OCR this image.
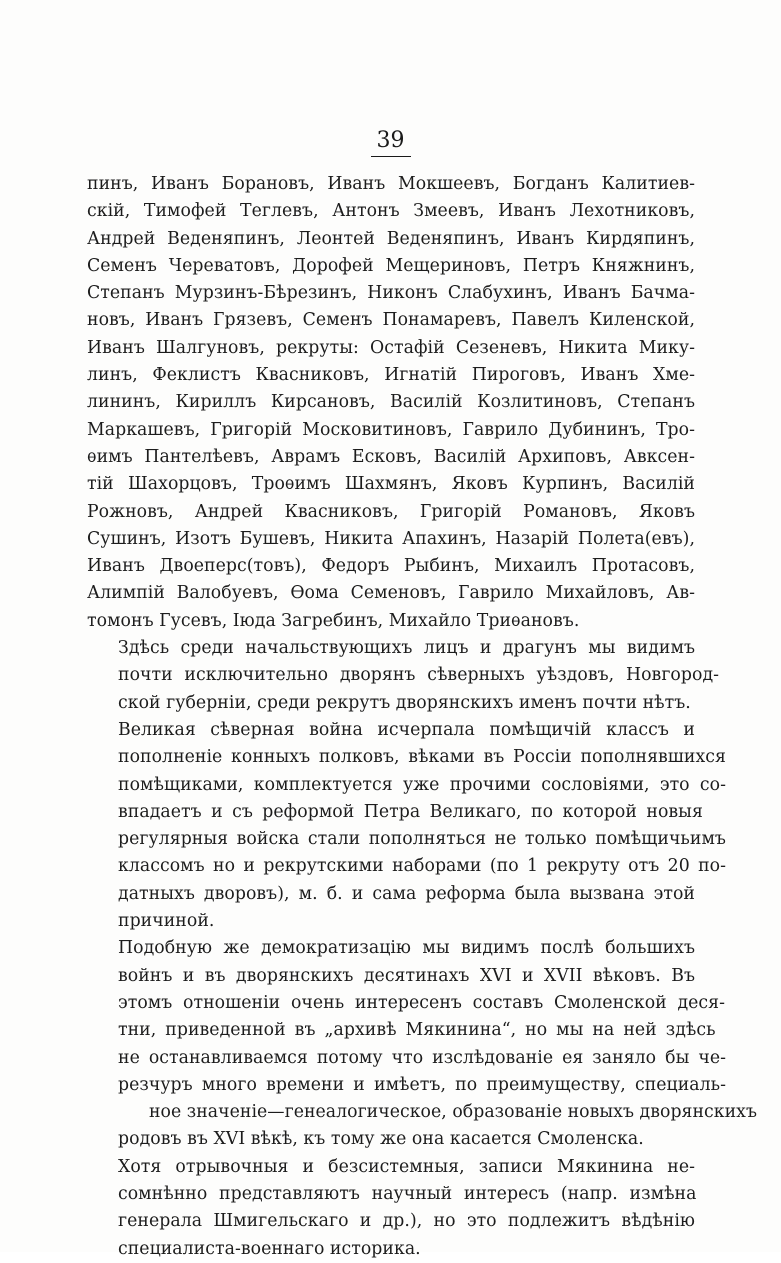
39

пинъ, Иванъ Борановъ, Иванъ Мокшеевъ, Богданъ Калитиев-
скій, Тимофей Теглевъ, Антонъ Змеевъ, Иванъ Лехотниковъ,
Андрей Веденяпинъ, Леонтей Веденяпинъ, Иванъ Кирдяпинъ,
Семенъ Череватовъ, Дорофей Мещериновъ, Петръ Княжнинъ,
Степанъ Мурзинъ-Бѣрезинъ, Никонъ Слабухинъ, Иванъ Бачма-
новъ, Иванъ Грязевъ, Семенъ Понамаревъ, Павелъ Киленской,
Иванъ Шалгуновъ, рекруты: Остафій Сезеневъ, Никита Мику-
линъ, Феклистъ Квасниковъ, Игнатій Пироговъ, Иванъ Хме-
лининъ, Кириллъ Кирсановъ, Василій Козлитиновъ, Степанъ
Маркашевъ, Григорій Московитиновъ, Гаврило Дубининъ, Тро-
ѳимъ Пантелѣевъ, Аврамъ Есковъ, Василій Архиповъ, Авксен-
тій Шахорцовъ, Троѳимъ Шахмянъ, Яковъ Курпинъ, Василій
Рожновъ, Андрей Квасниковъ, Григорій Романовъ, Яковъ
Сушинъ, Изотъ Бушевъ, Никита Апахинъ, Назарій Полета(евъ),
Иванъ Двоеперс(товъ), Федоръ Рыбинъ, Михаилъ Протасовъ,
Алимпій Валобуевъ, Ѳома Семеновъ, Гаврило Михайловъ, Ав-
томонъ Гусевъ, Іюда Загребинъ, Михайло Триѳановъ.

Здѣсь среди начальствующихъ лицъ и драгунъ мы видимъ
почти исключительно дворянъ сѣверныхъ уѣздовъ, Новгород-
ской губерніи, среди рекрутъ дворянскихъ именъ почти нѣтъ.

Великая сѣверная война исчерпала помѣщичій классъ и
пополненіе конныхъ полковъ, вѣками въ Россіи пополнявшихся
помѣщиками, комплектуется уже прочими сословіями, это со-
впадаетъ и съ реформой Петра Великаго, по которой новыя
регулярныя войска стали пополняться не только помѣщичьимъ
классомъ но и рекрутскими наборами (по 1 рекруту отъ 20 по-
датныхъ дворовъ), м. б. и сама реформа была вызвана этой
причиной.

Подобную же демократизацію мы видимъ послѣ большихъ
войнъ и въ дворянскихъ десятинахъ XVI и XVII вѣковъ. Въ
этомъ отношеніи очень интересенъ составъ Смоленской деся-
тни, приведенной въ „архивѣ Мякинина“, но мы на ней здѣсь
не останавливаемся потому что изслѣдованіе ея заняло бы че-
резчуръ много времени и имѣетъ, по преимуществу, специаль-
ное значеніе—генеалогическое, образованіе новыхъ дворянскихъ
родовъ въ XVI вѣкѣ, къ тому же она касается Смоленска.

Хотя отрывочныя и безсистемныя, записи Мякинина не-
сомнѣнно представляютъ научный интересъ (напр. измѣна
генерала Шмигельскаго и др.), но это подлежитъ вѣдѣнію
специалиста-военнаго историка.
